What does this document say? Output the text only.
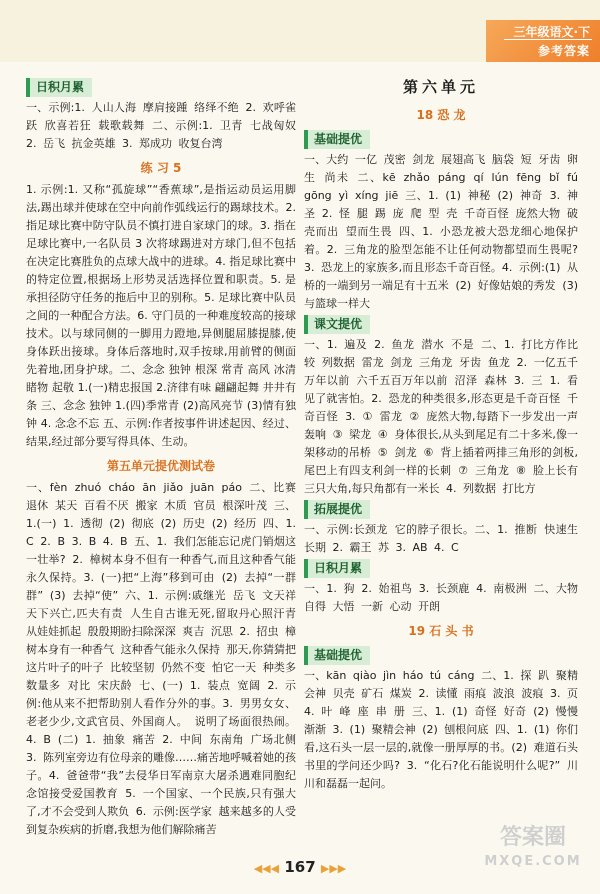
三年级语文·下
参考答案
日积月累

一、示例:1. 人山人海 摩肩接踵 络绎不绝 2. 欢呼雀跃 欣喜若狂 载歌载舞 二、示例:1. 卫青 七战匈奴 2. 岳飞 抗金英雄 3. 郑成功 收复台湾

练 习 5

1. 示例:1. 又称“孤旋球”“香蕉球”,是指运动员运用脚法,踢出球并使球在空中向前作弧线运行的踢球技术。2. 指足球比赛中防守队员不慎打进自家球门的球。3. 指在足球比赛中,一名队员 3 次将球踢进对方球门,但不包括在决定比赛胜负的点球大战中的进球。4. 指足球比赛中的特定位置,根据场上形势灵活选择位置和职责。5. 是承担径防守任务的拖后中卫的别称。5. 足球比赛中队员之间的一种配合方法。6. 守门员的一种难度较高的接球技术。以与球同侧的一脚用力蹬地,异侧腿屈膝提膝,使身体跃出接球。身体后落地时,双手按球,用前臂的侧面先着地,团身护球。二、念念 独钟 根深 常青 高风 冰清 睹物 起敬 1.(一)精忠报国 2.济律有味 翩翩起舞 井井有条 三、念念 独钟 1.(四)季常青 (2)高风亮节 (3)情有独钟 4. 念念不忘 五、示例:作者按事件讲述起因、经过、结果,经过部分要写得具体、生动。

第五单元提优测试卷

一、fèn zhuó cháo ān jiǎo juān páo 二、比赛 退休 某天 百看不厌 搬家 木质 官员 根深叶茂 三、1.(一) 1. 透彻 (2) 彻底 (2) 历史 (2) 经历 四、1. C 2. B 3. B 4. B 五、1. 我们怎能忘记虎门销烟这一壮举? 2. 樟树本身不但有一种香气,而且这种香气能永久保持。3. (一)把“上海”移到可由 (2) 去掉“一群群” (3) 去掉“使” 六、1. 示例:戚继光 岳飞 文天祥 天下兴亡,匹夫有责 人生自古谁无死,留取丹心照汗青 从娃娃抓起 殷殷期盼扫除深深 爽吉 沉思 2. 招虫 樟树本身有一种香气 这种香气能永久保持 那天,你猜猜把这片叶子的叶子 比较坚韧 仍然不变 怕它一天 种类多 数量多 对比 宋庆龄 七、(一) 1. 装点 宽阔 2. 示例:他从来不把帮助别人看作分外的事。3. 男男女女、老老少少,文武官员、外国商人。 说明了场面很热闹。4. B (二) 1. 抽象 痛苦 2. 中间 东南角 广场北侧 3. 陈列室旁边有位母亲的雕像……痛苦地呼喊着她的孩子。4. 爸爸带“我”去侵华日军南京大屠杀遇难同胞纪念馆接受爱国教育 5. 一个国家、一个民族,只有强大了,才不会受到人欺负 6. 示例:医学家 越来越多的人受到复杂疾病的折磨,我想为他们解除痛苦

第六单元
18 恐 龙
基础提优

一、大约 一亿 茂密 剑龙 展翅高飞 脑袋 短 牙齿 卵生 尚未 二、kē zhǎo páng qí lún fēng bǐ fú gōng yì xíng jiē 三、1. (1) 神秘 (2) 神奇 3. 神圣 2. 怪 腿 踢 庞 爬 型 壳 千奇百怪 庞然大物 破壳而出 望而生畏 四、1. 小恐龙被大恐龙细心地保护着。2. 三角龙的脸型怎能不让任何动物都望而生畏呢? 3. 恐龙上的家族多,而且形态千奇百怪。4. 示例:(1) 从桥的一端到另一端足有十五米 (2) 好像姑娘的秀发 (3) 与篮球一样大

课文提优

一、1. 遍及 2. 鱼龙 潜水 不是 二、1. 打比方作比较 列数据 雷龙 剑龙 三角龙 牙齿 鱼龙 2. 一亿五千万年以前 六千五百万年以前 沼泽 森林 3. 三 1. 看见了就害怕。2. 恐龙的种类很多,形态更是千奇百怪 千奇百怪 3. ① 雷龙 ② 庞然大物,每踏下一步发出一声轰响 ③ 梁龙 ④ 身体很长,从头到尾足有二十多米,像一架移动的吊桥 ⑤ 剑龙 ⑥ 背上插着两排三角形的剑板,尾巴上有四支利剑一样的长刺 ⑦ 三角龙 ⑧ 脸上长有三只大角,每只角都有一米长 4. 列数据 打比方

拓展提优

一、示例:长颈龙 它的脖子很长。二、1. 推断 快速生长期 2. 霸王 苏 3. AB 4. C

日积月累

一、1. 狗 2. 始祖鸟 3. 长颈鹿 4. 南极洲 二、大物 自得 大悟 一新 心动 开朗

19 石 头 书
基础提优

一、kān qiào jìn háo tú cáng 二、1. 探 趴 聚精会神 贝壳 矿石 煤炭 2. 读懂 雨痕 波浪 波痕 3. 页 4. 叶 峰 座 串 册 三、1. (1) 奇怪 好奇 (2) 慢慢 渐渐 3. (1) 聚精会神 (2) 刨根问底 四、1. (1) 你们看,这石头一层一层的,就像一册厚厚的书。(2) 难道石头书里的学问还少吗? 3. “化石?化石能说明什么呢?” 川川和磊磊一起问。

◀◀◀ 167 ▶▶▶
答案圈
MXQE.COM
